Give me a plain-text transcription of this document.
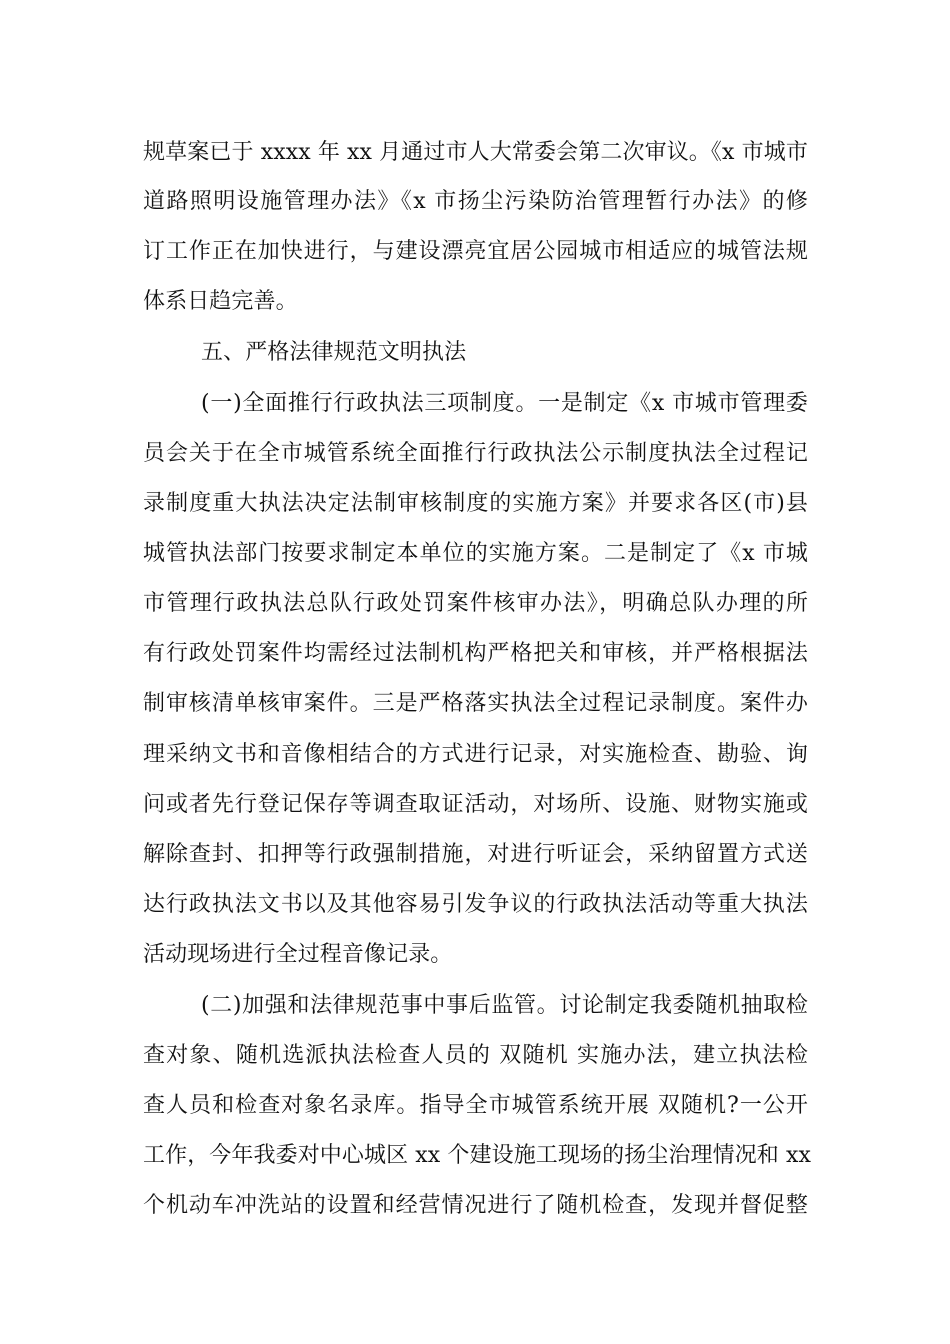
规草案已于 xxxx 年 xx 月通过市人大常委会第二次审议。《x 市城市
道路照明设施管理办法》《x 市扬尘污染防治管理暂行办法》的修
订工作正在加快进行，与建设漂亮宜居公园城市相适应的城管法规
体系日趋完善。
五、严格法律规范文明执法
(一)全面推行行政执法三项制度。一是制定《x 市城市管理委
员会关于在全市城管系统全面推行行政执法公示制度执法全过程记
录制度重大执法决定法制审核制度的实施方案》并要求各区(市)县
城管执法部门按要求制定本单位的实施方案。二是制定了《x 市城
市管理行政执法总队行政处罚案件核审办法》，明确总队办理的所
有行政处罚案件均需经过法制机构严格把关和审核，并严格根据法
制审核清单核审案件。三是严格落实执法全过程记录制度。案件办
理采纳文书和音像相结合的方式进行记录，对实施检查、勘验、询
问或者先行登记保存等调查取证活动，对场所、设施、财物实施或
解除查封、扣押等行政强制措施，对进行听证会，采纳留置方式送
达行政执法文书以及其他容易引发争议的行政执法活动等重大执法
活动现场进行全过程音像记录。
(二)加强和法律规范事中事后监管。讨论制定我委随机抽取检
查对象、随机选派执法检查人员的 双随机 实施办法，建立执法检
查人员和检查对象名录库。指导全市城管系统开展 双随机?一公开
工作，今年我委对中心城区 xx 个建设施工现场的扬尘治理情况和 xx
个机动车冲洗站的设置和经营情况进行了随机检查，发现并督促整
